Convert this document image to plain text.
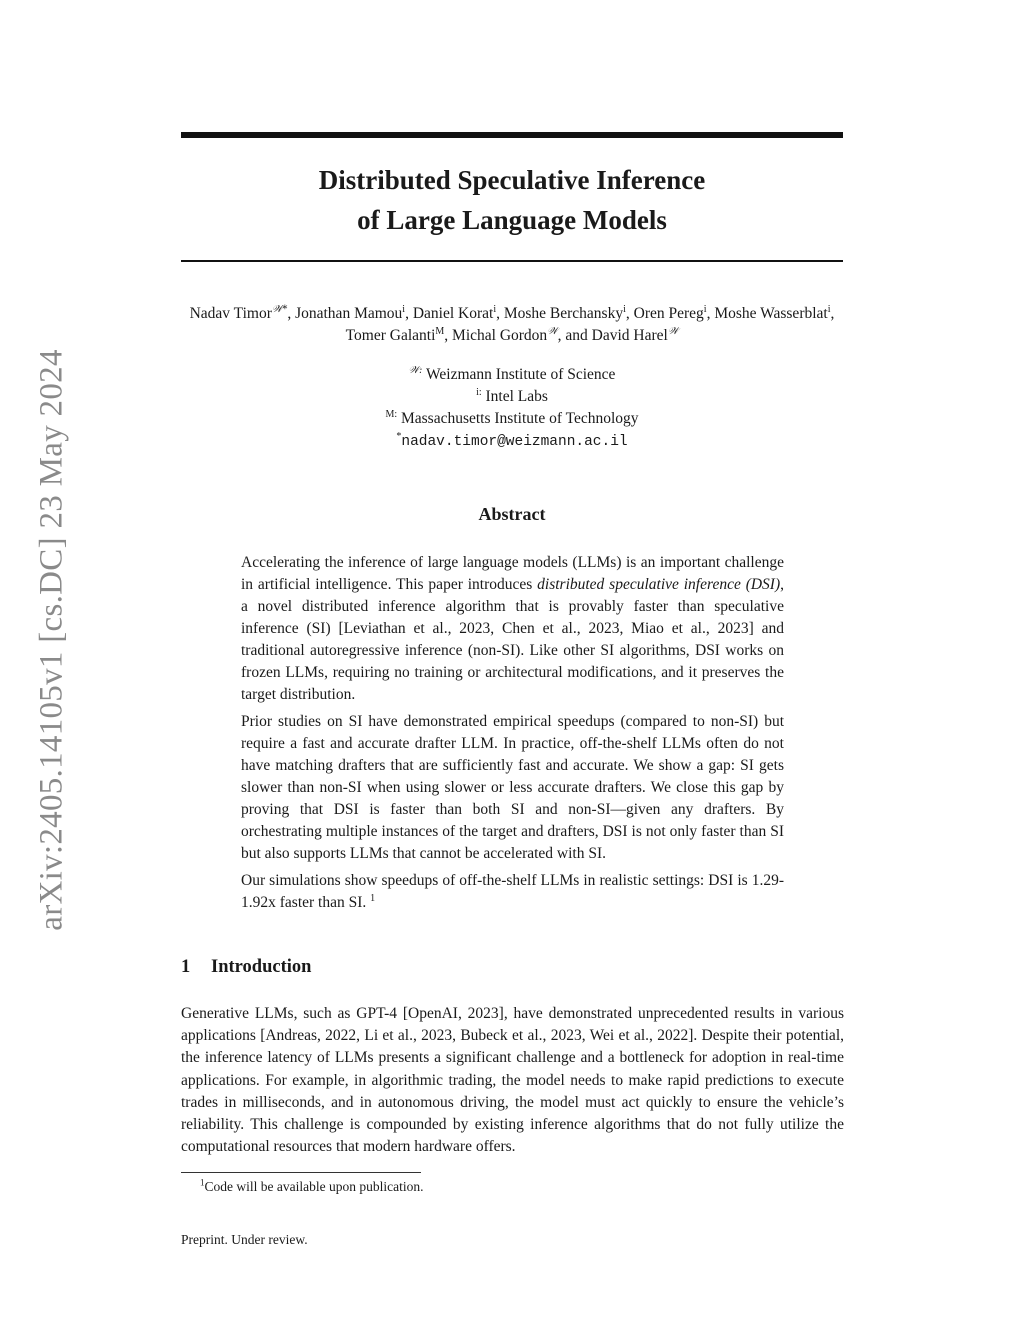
arXiv:2405.14105v1 [cs.DC] 23 May 2024
Distributed Speculative Inference
of Large Language Models
Nadav Timor$^{𝒲*}$, Jonathan Mamou$^i$, Daniel Korat$^i$, Moshe Berchansky$^i$, Oren Pereg$^i$, Moshe Wasserblat$^i$, Tomer Galanti$^M$, Michal Gordon$^𝒲$, and David Harel$^𝒲$
$^{𝒲:}$ Weizmann Institute of Science
$^{i:}$ Intel Labs
$^{M:}$ Massachusetts Institute of Technology
*nadav.timor@weizmann.ac.il
Abstract

Accelerating the inference of large language models (LLMs) is an important challenge in artificial intelligence. This paper introduces distributed speculative inference (DSI), a novel distributed inference algorithm that is provably faster than speculative inference (SI) [Leviathan et al., 2023, Chen et al., 2023, Miao et al., 2023] and traditional autoregressive inference (non-SI). Like other SI algorithms, DSI works on frozen LLMs, requiring no training or architectural modifications, and it preserves the target distribution.

Prior studies on SI have demonstrated empirical speedups (compared to non-SI) but require a fast and accurate drafter LLM. In practice, off-the-shelf LLMs often do not have matching drafters that are sufficiently fast and accurate. We show a gap: SI gets slower than non-SI when using slower or less accurate drafters. We close this gap by proving that DSI is faster than both SI and non-SI—given any drafters. By orchestrating multiple instances of the target and drafters, DSI is not only faster than SI but also supports LLMs that cannot be accelerated with SI.

Our simulations show speedups of off-the-shelf LLMs in realistic settings: DSI is 1.29-1.92x faster than SI. $^1$

1 Introduction

Generative LLMs, such as GPT-4 [OpenAI, 2023], have demonstrated unprecedented results in various applications [Andreas, 2022, Li et al., 2023, Bubeck et al., 2023, Wei et al., 2022]. Despite their potential, the inference latency of LLMs presents a significant challenge and a bottleneck for adoption in real-time applications. For example, in algorithmic trading, the model needs to make rapid predictions to execute trades in milliseconds, and in autonomous driving, the model must act quickly to ensure the vehicle’s reliability. This challenge is compounded by existing inference algorithms that do not fully utilize the computational resources that modern hardware offers.

$^1$Code will be available upon publication.
Preprint. Under review.
